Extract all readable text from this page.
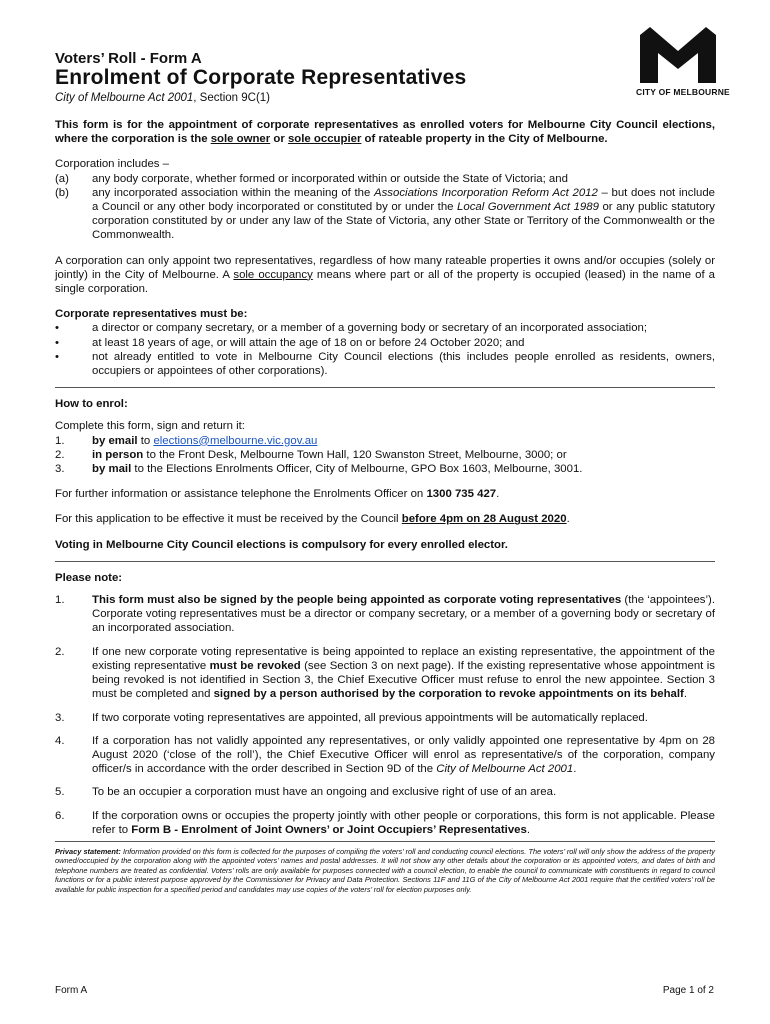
Voters’ Roll - Form A
Enrolment of Corporate Representatives
City of Melbourne Act 2001, Section 9C(1)	CITY OF MELBOURNE

This form is for the appointment of corporate representatives as enrolled voters for Melbourne City Council elections, where the corporation is the sole owner or sole occupier of rateable property in the City of Melbourne.

Corporation includes –

(a)	any body corporate, whether formed or incorporated within or outside the State of Victoria; and
(b)	any incorporated association within the meaning of the Associations Incorporation Reform Act 2012 – but does not include a Council or any other body incorporated or constituted by or under the Local Government Act 1989 or any public statutory corporation constituted by or under any law of the State of Victoria, any other State or Territory of the Commonwealth or the Commonwealth.

A corporation can only appoint two representatives, regardless of how many rateable properties it owns and/or occupies (solely or jointly) in the City of Melbourne. A sole occupancy means where part or all of the property is occupied (leased) in the name of a single corporation.

Corporate representatives must be:

•	a director or company secretary, or a member of a governing body or secretary of an incorporated association;
•	at least 18 years of age, or will attain the age of 18 on or before 24 October 2020; and
•	not already entitled to vote in Melbourne City Council elections (this includes people enrolled as residents, owners, occupiers or appointees of other corporations).

How to enrol:

Complete this form, sign and return it:

1.	by email to elections@melbourne.vic.gov.au
2.	in person to the Front Desk, Melbourne Town Hall, 120 Swanston Street, Melbourne, 3000; or
3.	by mail to the Elections Enrolments Officer, City of Melbourne, GPO Box 1603, Melbourne, 3001.

For further information or assistance telephone the Enrolments Officer on 1300 735 427.

For this application to be effective it must be received by the Council before 4pm on 28 August 2020.

Voting in Melbourne City Council elections is compulsory for every enrolled elector.

Please note:

1.	This form must also be signed by the people being appointed as corporate voting representatives (the ‘appointees’). Corporate voting representatives must be a director or company secretary, or a member of a governing body or secretary of an incorporated association.
2.	If one new corporate voting representative is being appointed to replace an existing representative, the appointment of the existing representative must be revoked (see Section 3 on next page). If the existing representative whose appointment is being revoked is not identified in Section 3, the Chief Executive Officer must refuse to enrol the new appointee. Section 3 must be completed and signed by a person authorised by the corporation to revoke appointments on its behalf.
3.	If two corporate voting representatives are appointed, all previous appointments will be automatically replaced.
4.	If a corporation has not validly appointed any representatives, or only validly appointed one representative by 4pm on 28 August 2020 (‘close of the roll’), the Chief Executive Officer will enrol as representative/s of the corporation, company officer/s in accordance with the order described in Section 9D of the City of Melbourne Act 2001.
5.	To be an occupier a corporation must have an ongoing and exclusive right of use of an area.
6.	If the corporation owns or occupies the property jointly with other people or corporations, this form is not applicable. Please refer to Form B - Enrolment of Joint Owners’ or Joint Occupiers’ Representatives.

Privacy statement: Information provided on this form is collected for the purposes of compiling the voters’ roll and conducting council elections. The voters’ roll will only show the address of the property owned/occupied by the corporation along with the appointed voters’ names and postal addresses. It will not show any other details about the corporation or its appointed voters, and dates of birth and telephone numbers are treated as confidential. Voters’ rolls are only available for purposes connected with a council election, to enable the council to communicate with constituents in regard to council functions or for a public interest purpose approved by the Commissioner for Privacy and Data Protection. Sections 11F and 11G of the City of Melbourne Act 2001 require that the certified voters’ roll be available for public inspection for a specified period and candidates may use copies of the voters’ roll for election purposes only.

Form A	Page 1 of 2
